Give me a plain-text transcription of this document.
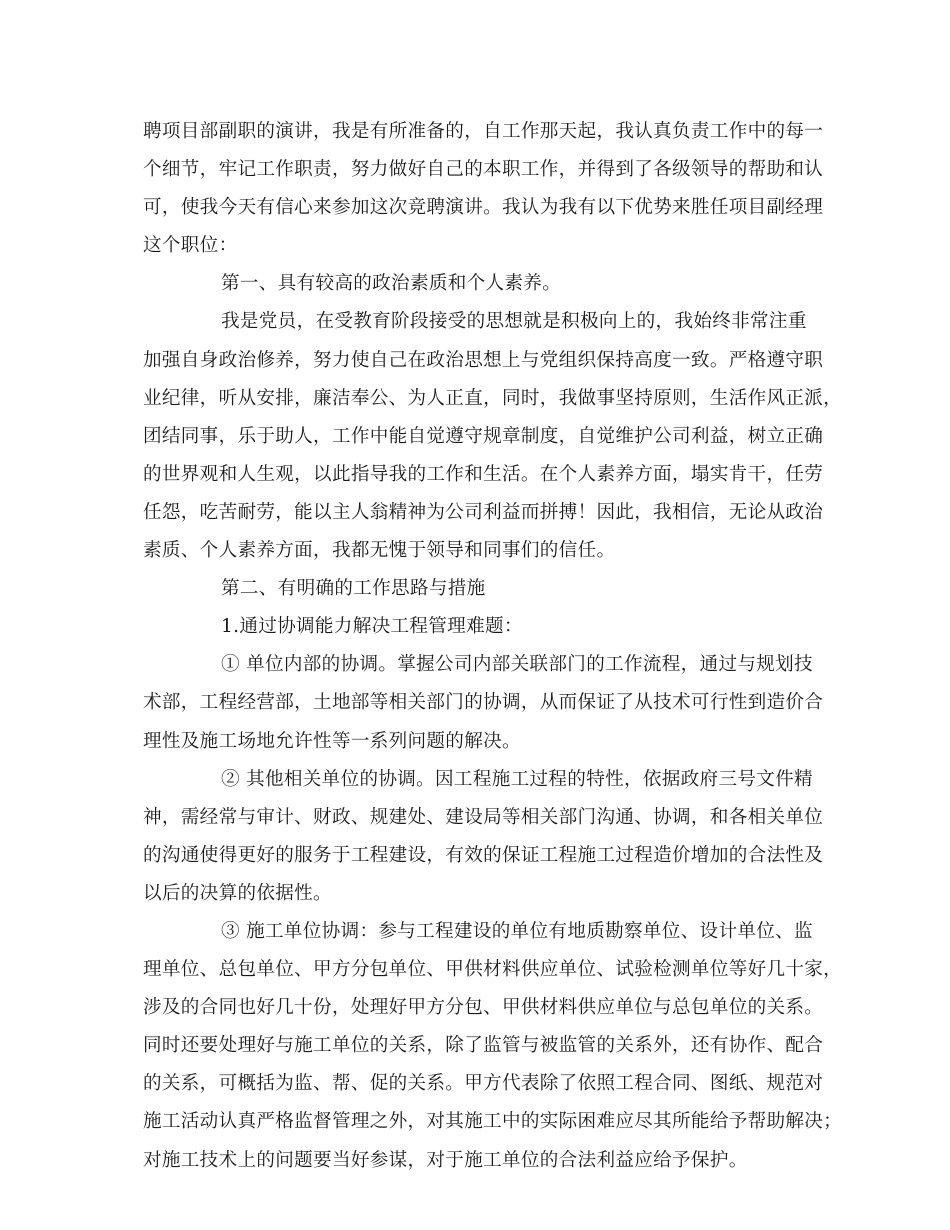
聘项目部副职的演讲，我是有所准备的，自工作那天起，我认真负责工作中的每一
个细节，牢记工作职责，努力做好自己的本职工作，并得到了各级领导的帮助和认
可，使我今天有信心来参加这次竞聘演讲。我认为我有以下优势来胜任项目副经理
这个职位：
第一、具有较高的政治素质和个人素养。
我是党员，在受教育阶段接受的思想就是积极向上的，我始终非常注重
加强自身政治修养，努力使自己在政治思想上与党组织保持高度一致。严格遵守职
业纪律，听从安排，廉洁奉公、为人正直，同时，我做事坚持原则，生活作风正派，
团结同事，乐于助人，工作中能自觉遵守规章制度，自觉维护公司利益，树立正确
的世界观和人生观，以此指导我的工作和生活。在个人素养方面，塌实肯干，任劳
任怨，吃苦耐劳，能以主人翁精神为公司利益而拼搏！因此，我相信，无论从政治
素质、个人素养方面，我都无愧于领导和同事们的信任。
第二、有明确的工作思路与措施
1.通过协调能力解决工程管理难题：
① 单位内部的协调。掌握公司内部关联部门的工作流程，通过与规划技
术部，工程经营部，土地部等相关部门的协调，从而保证了从技术可行性到造价合
理性及施工场地允许性等一系列问题的解决。
② 其他相关单位的协调。因工程施工过程的特性，依据政府三号文件精
神，需经常与审计、财政、规建处、建设局等相关部门沟通、协调，和各相关单位
的沟通使得更好的服务于工程建设，有效的保证工程施工过程造价增加的合法性及
以后的决算的依据性。
③ 施工单位协调：参与工程建设的单位有地质勘察单位、设计单位、监
理单位、总包单位、甲方分包单位、甲供材料供应单位、试验检测单位等好几十家，
涉及的合同也好几十份，处理好甲方分包、甲供材料供应单位与总包单位的关系。
同时还要处理好与施工单位的关系，除了监管与被监管的关系外，还有协作、配合
的关系，可概括为监、帮、促的关系。甲方代表除了依照工程合同、图纸、规范对
施工活动认真严格监督管理之外，对其施工中的实际困难应尽其所能给予帮助解决；
对施工技术上的问题要当好参谋，对于施工单位的合法利益应给予保护。
